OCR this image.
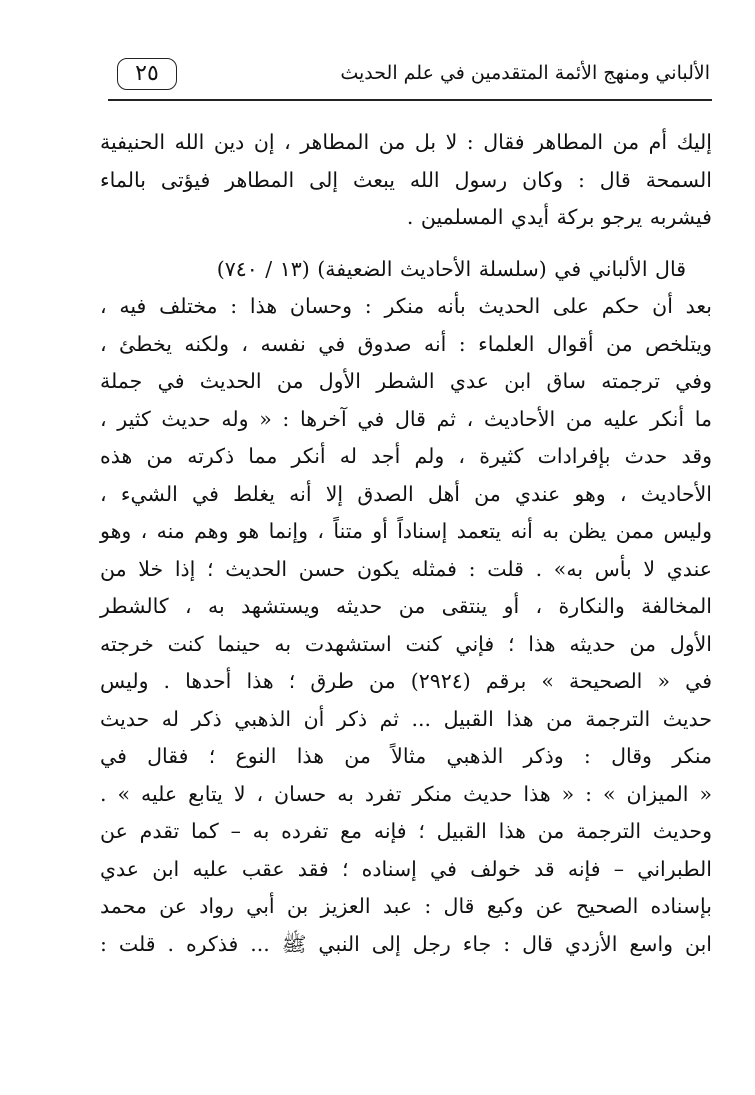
٢٥	الألباني ومنهج الأئمة المتقدمين في علم الحديث
إليك أم من المطاهر فقال : لا بل من المطاهر ، إن دين الله الحنيفية
السمحة قال : وكان رسول الله يبعث إلى المطاهر فيؤتى بالماء
فيشربه يرجو بركة أيدي المسلمين .
قال الألباني في (سلسلة الأحاديث الضعيفة) (١٣ / ٧٤٠)
بعد أن حكم على الحديث بأنه منكر : وحسان هذا : مختلف فيه ،
ويتلخص من أقوال العلماء : أنه صدوق في نفسه ، ولكنه يخطئ ،
وفي ترجمته ساق ابن عدي الشطر الأول من الحديث في جملة
ما أنكر عليه من الأحاديث ، ثم قال في آخرها : « وله حديث كثير ،
وقد حدث بإفرادات كثيرة ، ولم أجد له أنكر مما ذكرته من هذه
الأحاديث ، وهو عندي من أهل الصدق إلا أنه يغلط في الشيء ،
وليس ممن يظن به أنه يتعمد إسناداً أو متناً ، وإنما هو وهم منه ، وهو
عندي لا بأس به» . قلت : فمثله يكون حسن الحديث ؛ إذا خلا من
المخالفة والنكارة ، أو ينتقى من حديثه ويستشهد به ، كالشطر
الأول من حديثه هذا ؛ فإني كنت استشهدت به حينما كنت خرجته
في « الصحيحة » برقم (٢٩٢٤) من طرق ؛ هذا أحدها . وليس
حديث الترجمة من هذا القبيل ... ثم ذكر أن الذهبي ذكر له حديث
منكر وقال : وذكر الذهبي مثالاً من هذا النوع ؛ فقال في
« الميزان » : « هذا حديث منكر تفرد به حسان ، لا يتابع عليه » .
وحديث الترجمة من هذا القبيل ؛ فإنه مع تفرده به – كما تقدم عن
الطبراني – فإنه قد خولف في إسناده ؛ فقد عقب عليه ابن عدي
بإسناده الصحيح عن وكيع قال : عبد العزيز بن أبي رواد عن محمد
ابن واسع الأزدي قال : جاء رجل إلى النبي ﷺ ... فذكره . قلت :
